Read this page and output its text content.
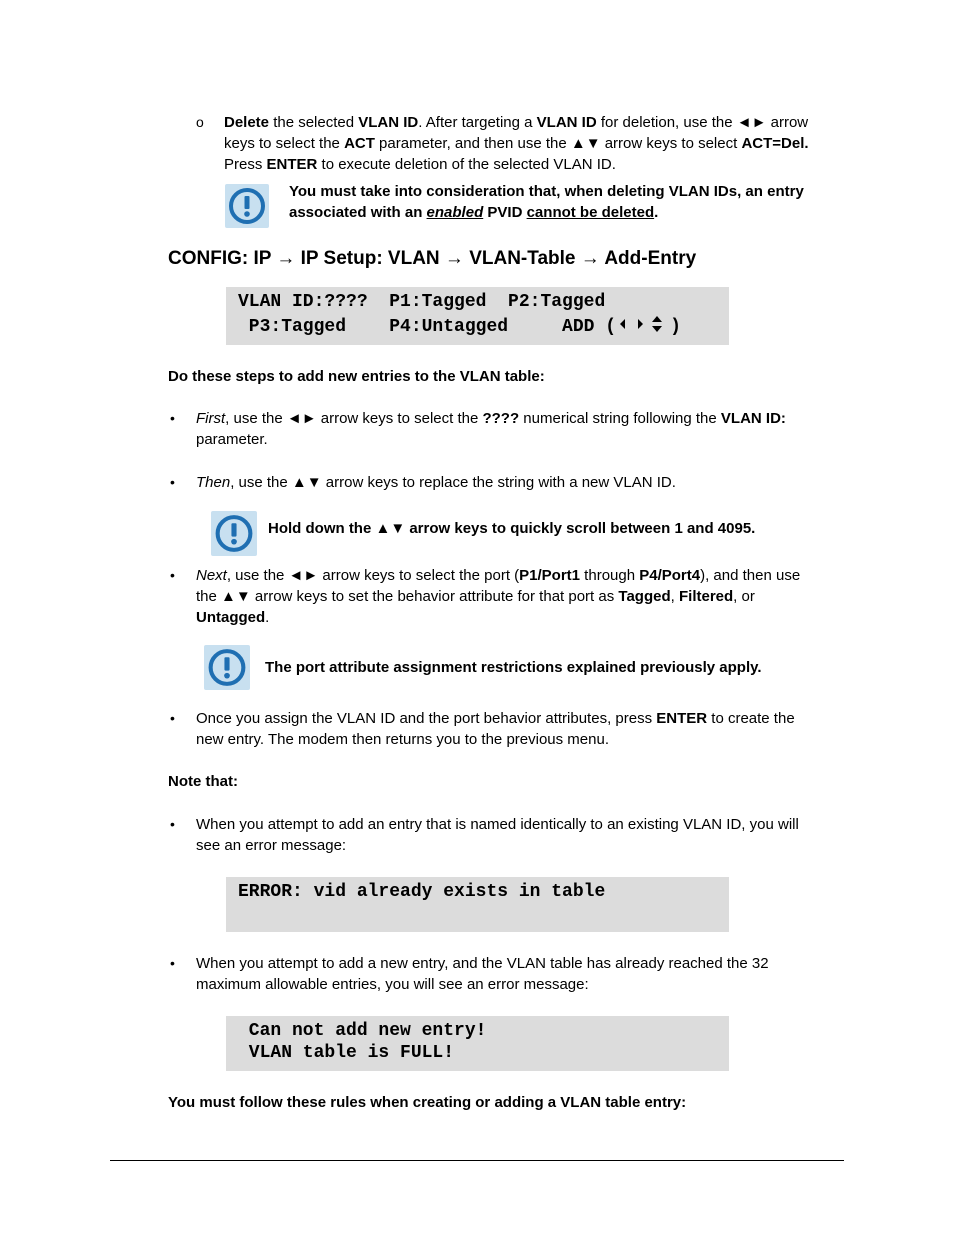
o Delete the selected VLAN ID. After targeting a VLAN ID for deletion, use the ◄► arrow
keys to select the ACT parameter, and then use the ▲▼ arrow keys to select ACT=Del.
Press ENTER to execute deletion of the selected VLAN ID.
You must take into consideration that, when deleting VLAN IDs, an entry
associated with an enabled PVID cannot be deleted.
CONFIG: IP → IP Setup: VLAN → VLAN-Table → Add-Entry

VLAN ID:????  P1:Tagged  P2:Tagged

P3:Tagged    P4:Untagged     ADD (	)

Do these steps to add new entries to the VLAN table:
• First, use the ◄► arrow keys to select the ???? numerical string following the VLAN ID:
parameter.
• Then, use the ▲▼ arrow keys to replace the string with a new VLAN ID.
Hold down the ▲▼ arrow keys to quickly scroll between 1 and 4095.
• Next, use the ◄► arrow keys to select the port (P1/Port1 through P4/Port4), and then use
the ▲▼ arrow keys to set the behavior attribute for that port as Tagged, Filtered, or
Untagged.
The port attribute assignment restrictions explained previously apply.
• Once you assign the VLAN ID and the port behavior attributes, press ENTER to create the
new entry. The modem then returns you to the previous menu.
Note that:
• When you attempt to add an entry that is named identically to an existing VLAN ID, you will
see an error message:

ERROR: vid already exists in table

• When you attempt to add a new entry, and the VLAN table has already reached the 32
maximum allowable entries, you will see an error message:

Can not add new entry!

VLAN table is FULL!

You must follow these rules when creating or adding a VLAN table entry:
